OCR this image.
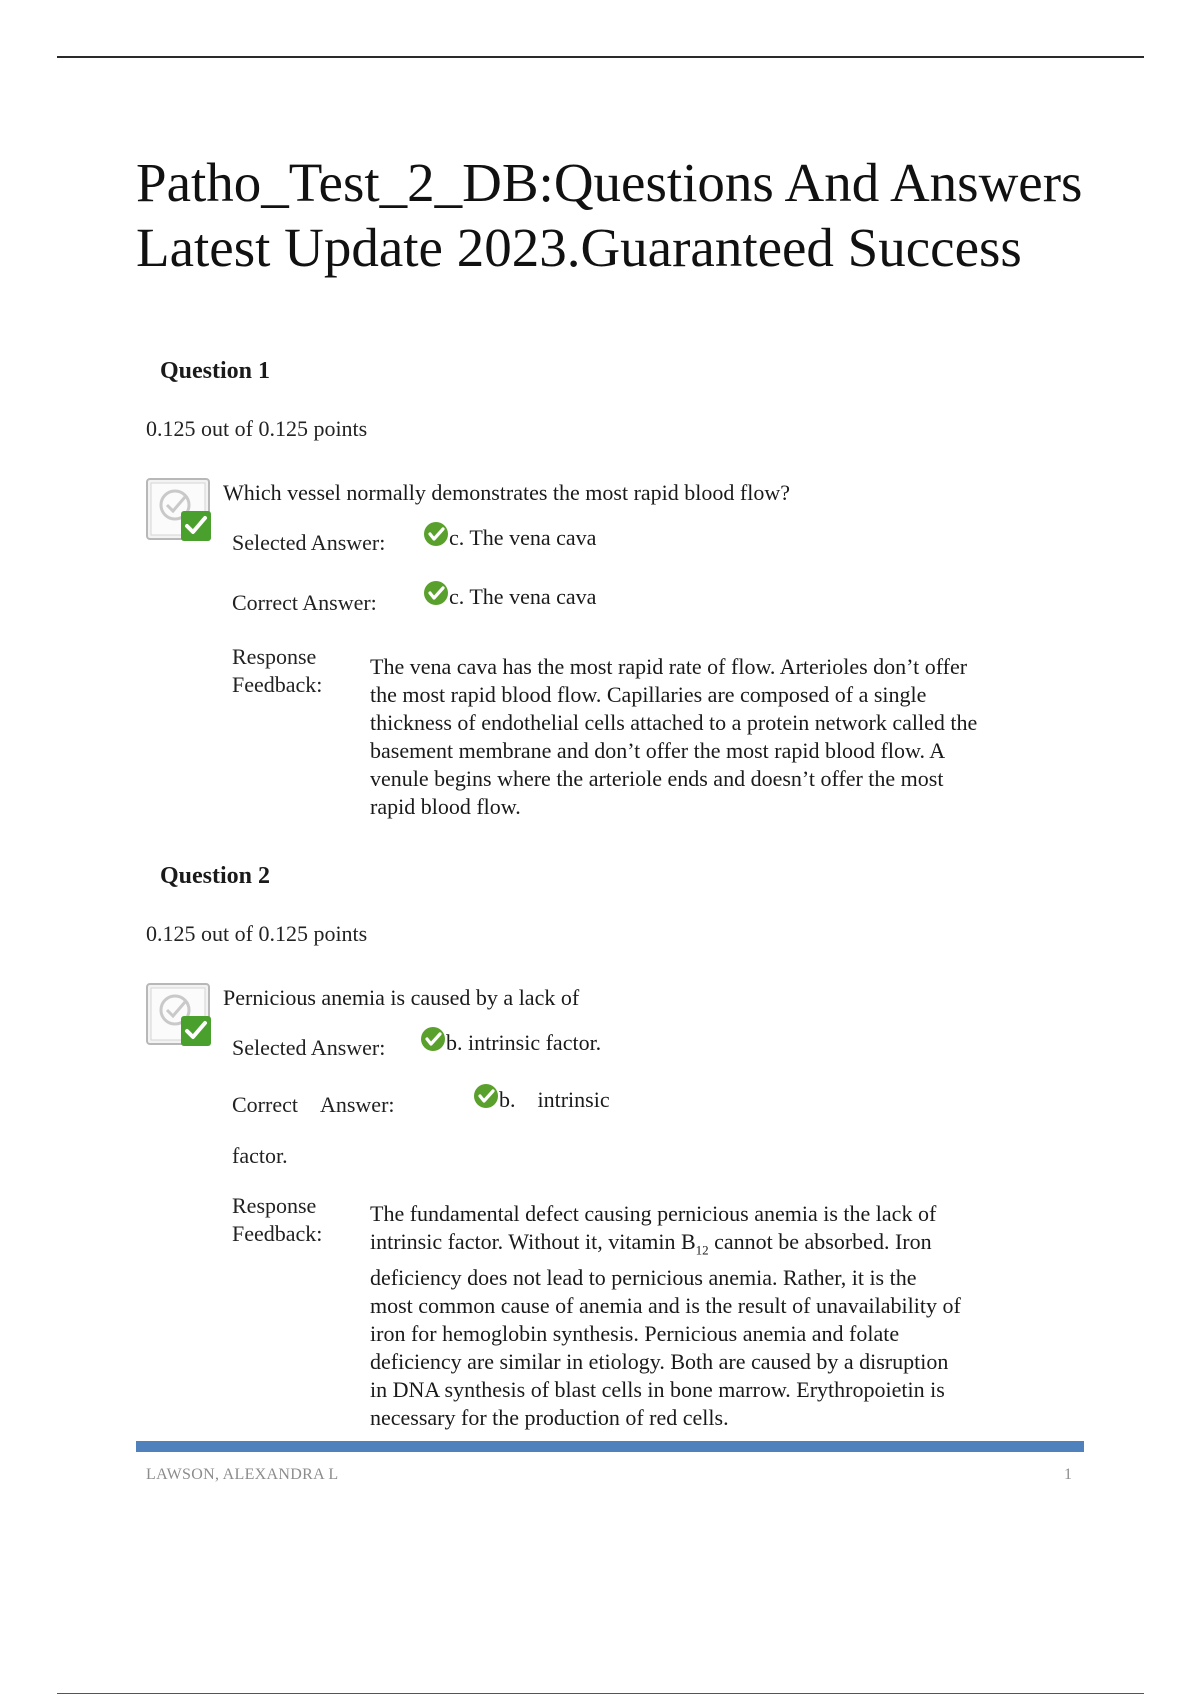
Patho_Test_2_DB:Questions And Answers Latest Update 2023.Guaranteed Success
Question 1
0.125 out of 0.125 points
Which vessel normally demonstrates the most rapid blood flow?
Selected Answer:	c. The vena cava
Correct Answer:	c. The vena cava
Response
Feedback:
The vena cava has the most rapid rate of flow. Arterioles don’t offer
the most rapid blood flow. Capillaries are composed of a single
thickness of endothelial cells attached to a protein network called the
basement membrane and don’t offer the most rapid blood flow. A
venule begins where the arteriole ends and doesn’t offer the most
rapid blood flow.
Question 2
0.125 out of 0.125 points
Pernicious anemia is caused by a lack of
Selected Answer:	b. intrinsic factor.
Correct Answer:	b. intrinsic
factor.
Response
Feedback:
The fundamental defect causing pernicious anemia is the lack of
intrinsic factor. Without it, vitamin $B_{12}$ cannot be absorbed. Iron
deficiency does not lead to pernicious anemia. Rather, it is the
most common cause of anemia and is the result of unavailability of
iron for hemoglobin synthesis. Pernicious anemia and folate
deficiency are similar in etiology. Both are caused by a disruption
in DNA synthesis of blast cells in bone marrow. Erythropoietin is
necessary for the production of red cells.
LAWSON, ALEXANDRA L	1
